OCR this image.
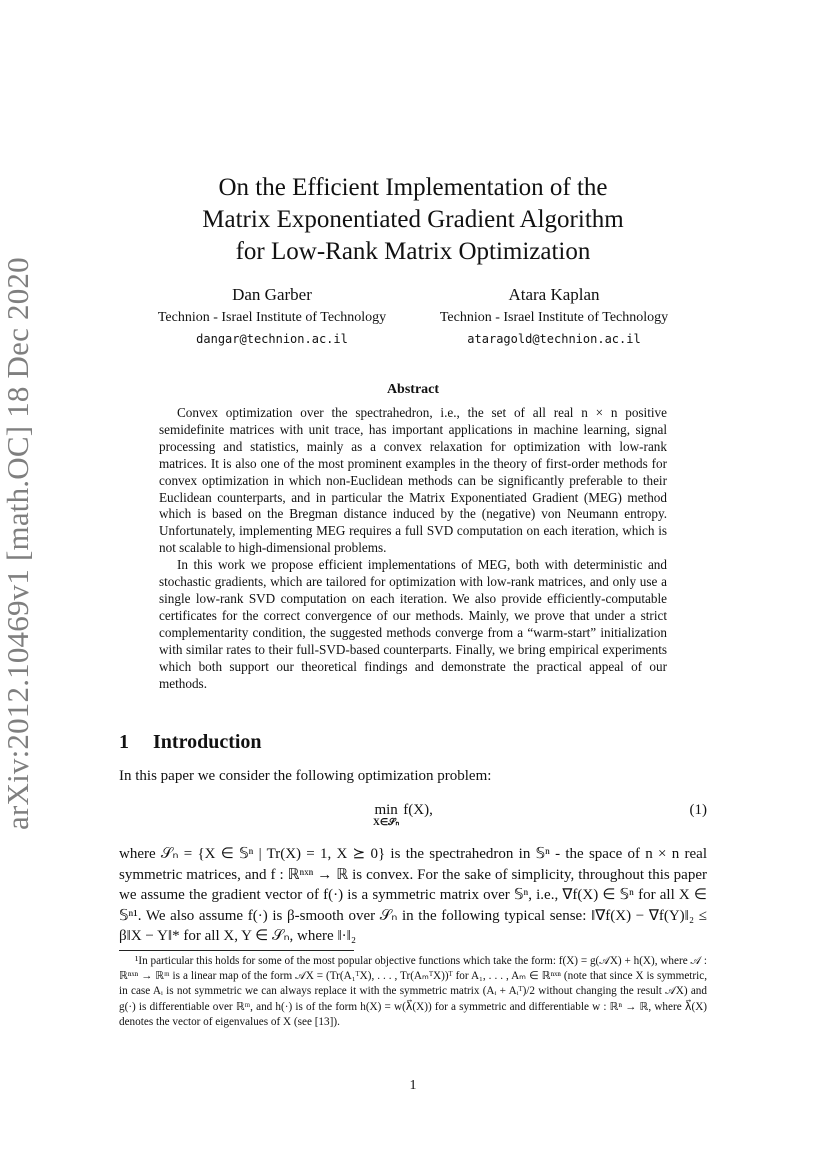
arXiv:2012.10469v1 [math.OC] 18 Dec 2020
On the Efficient Implementation of the
Matrix Exponentiated Gradient Algorithm
for Low-Rank Matrix Optimization
Dan Garber
Technion - Israel Institute of Technology
dangar@technion.ac.il
Atara Kaplan
Technion - Israel Institute of Technology
ataragold@technion.ac.il
Abstract

Convex optimization over the spectrahedron, i.e., the set of all real n × n positive semidefinite matrices with unit trace, has important applications in machine learning, signal processing and statistics, mainly as a convex relaxation for optimization with low-rank matrices. It is also one of the most prominent examples in the theory of first-order methods for convex optimization in which non-Euclidean methods can be significantly preferable to their Euclidean counterparts, and in particular the Matrix Exponentiated Gradient (MEG) method which is based on the Bregman distance induced by the (negative) von Neumann entropy. Unfortunately, implementing MEG requires a full SVD computation on each iteration, which is not scalable to high-dimensional problems.

In this work we propose efficient implementations of MEG, both with deterministic and stochastic gradients, which are tailored for optimization with low-rank matrices, and only use a single low-rank SVD computation on each iteration. We also provide efficiently-computable certificates for the correct convergence of our methods. Mainly, we prove that under a strict complementarity condition, the suggested methods converge from a “warm-start” initialization with similar rates to their full-SVD-based counterparts. Finally, we bring empirical experiments which both support our theoretical findings and demonstrate the practical appeal of our methods.

1 Introduction
In this paper we consider the following optimization problem:
min
X∈𝒮ₙ
f(X),	(1)

where 𝒮ₙ = {X ∈ 𝕊ⁿ | Tr(X) = 1, X ⪰ 0} is the spectrahedron in 𝕊ⁿ - the space of n × n real symmetric matrices, and f : ℝⁿˣⁿ → ℝ is convex. For the sake of simplicity, throughout this paper we assume the gradient vector of f(·) is a symmetric matrix over 𝕊ⁿ, i.e., ∇f(X) ∈ 𝕊ⁿ for all X ∈ 𝕊ⁿ¹. We also assume f(·) is β-smooth over 𝒮ₙ in the following typical sense: ‖∇f(X) − ∇f(Y)‖₂ ≤ β‖X − Y‖* for all X, Y ∈ 𝒮ₙ, where ‖·‖₂

¹In particular this holds for some of the most popular objective functions which take the form: f(X) = g(𝒜X) + h(X), where 𝒜 : ℝⁿˣⁿ → ℝᵐ is a linear map of the form 𝒜X = (Tr(A₁ᵀX), . . . , Tr(AₘᵀX))ᵀ for A₁, . . . , Aₘ ∈ ℝⁿˣⁿ (note that since X is symmetric, in case Aᵢ is not symmetric we can always replace it with the symmetric matrix (Aᵢ + Aᵢᵀ)/2 without changing the result 𝒜X) and g(·) is differentiable over ℝᵐ, and h(·) is of the form h(X) = w(λ⃗(X)) for a symmetric and differentiable w : ℝⁿ → ℝ, where λ⃗(X) denotes the vector of eigenvalues of X (see [13]).

1
